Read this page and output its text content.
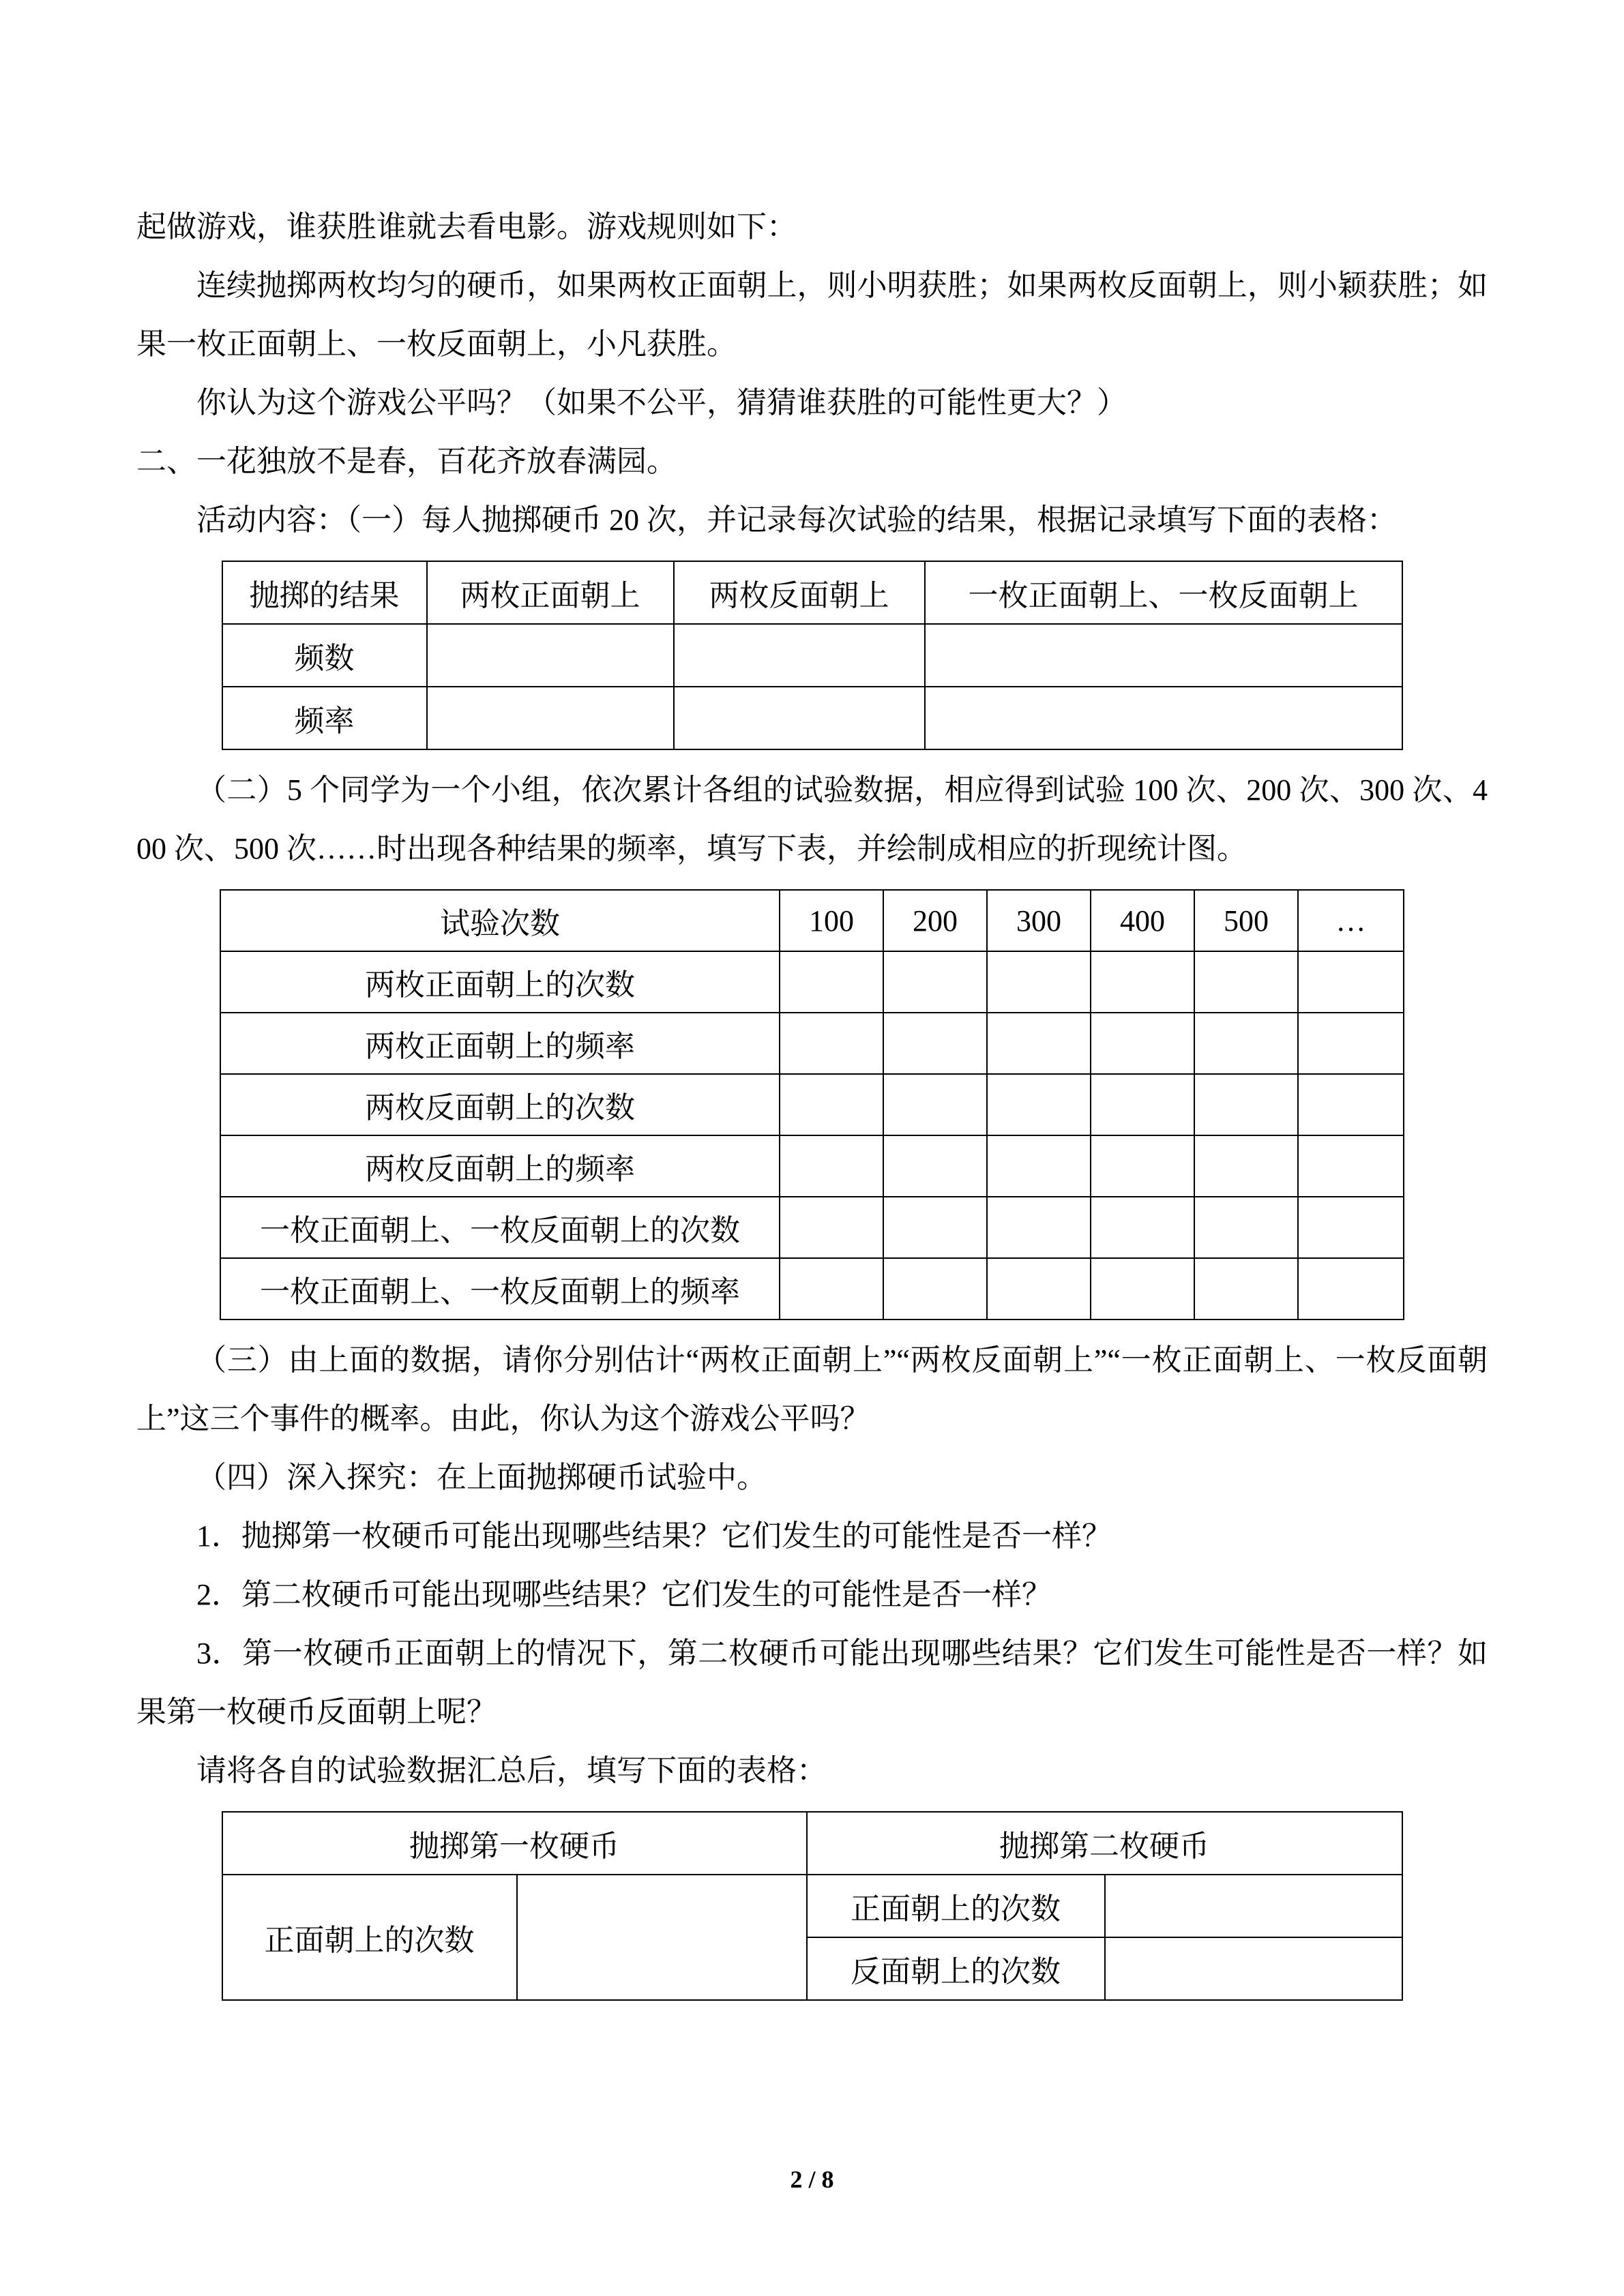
起做游戏，谁获胜谁就去看电影。游戏规则如下：

连续抛掷两枚均匀的硬币，如果两枚正面朝上，则小明获胜；如果两枚反面朝上，则小颖获胜；如果一枚正面朝上、一枚反面朝上，小凡获胜。

你认为这个游戏公平吗？（如果不公平，猜猜谁获胜的可能性更大？）

二、一花独放不是春，百花齐放春满园。

活动内容：（一）每人抛掷硬币 20 次，并记录每次试验的结果，根据记录填写下面的表格：

抛掷的结果	两枚正面朝上	两枚反面朝上	一枚正面朝上、一枚反面朝上
频数			
频率			

（二）5 个同学为一个小组，依次累计各组的试验数据，相应得到试验 100 次、200 次、300 次、400 次、500 次……时出现各种结果的频率，填写下表，并绘制成相应的折现统计图。

试验次数	100	200	300	400	500	…
两枚正面朝上的次数						
两枚正面朝上的频率						
两枚反面朝上的次数						
两枚反面朝上的频率						
一枚正面朝上、一枚反面朝上的次数						
一枚正面朝上、一枚反面朝上的频率						

（三）由上面的数据，请你分别估计“两枚正面朝上”“两枚反面朝上”“一枚正面朝上、一枚反面朝上”这三个事件的概率。由此，你认为这个游戏公平吗？

（四）深入探究：在上面抛掷硬币试验中。

1．抛掷第一枚硬币可能出现哪些结果？它们发生的可能性是否一样？

2．第二枚硬币可能出现哪些结果？它们发生的可能性是否一样？

3．第一枚硬币正面朝上的情况下，第二枚硬币可能出现哪些结果？它们发生可能性是否一样？如果第一枚硬币反面朝上呢？

请将各自的试验数据汇总后，填写下面的表格：

抛掷第一枚硬币		抛掷第二枚硬币	
正面朝上的次数		正面朝上的次数	
		反面朝上的次数	
2 / 8
